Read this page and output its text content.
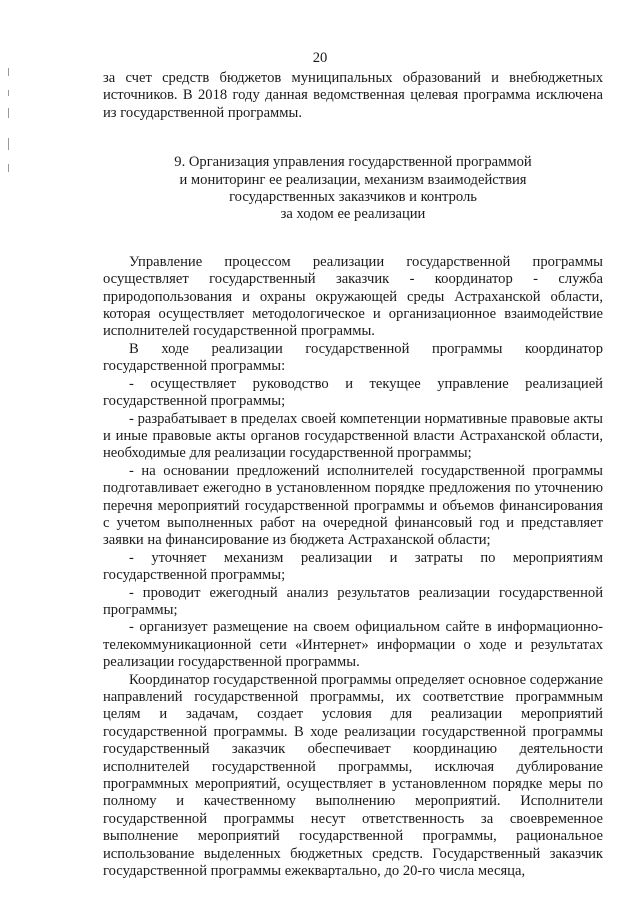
20

за счет средств бюджетов муниципальных образований и внебюджетных источников. В 2018 году данная ведомственная целевая программа исключена из государственной программы.

9. Организация управления государственной программой
и мониторинг ее реализации, механизм взаимодействия
государственных заказчиков и контроль
за ходом ее реализации

Управление процессом реализации государственной программы осуществляет государственный заказчик - координатор - служба природопользования и охраны окружающей среды Астраханской области, которая осуществляет методологическое и организационное взаимодействие исполнителей государственной программы.

В ходе реализации государственной программы координатор государственной программы:

- осуществляет руководство и текущее управление реализацией государственной программы;

- разрабатывает в пределах своей компетенции нормативные правовые акты и иные правовые акты органов государственной власти Астраханской области, необходимые для реализации государственной программы;

- на основании предложений исполнителей государственной программы подготавливает ежегодно в установленном порядке предложения по уточнению перечня мероприятий государственной программы и объемов финансирования с учетом выполненных работ на очередной финансовый год и представляет заявки на финансирование из бюджета Астраханской области;

- уточняет механизм реализации и затраты по мероприятиям государственной программы;

- проводит ежегодный анализ результатов реализации государственной программы;

- организует размещение на своем официальном сайте в информационно-телекоммуникационной сети «Интернет» информации о ходе и результатах реализации государственной программы.

Координатор государственной программы определяет основное содержание направлений государственной программы, их соответствие программным целям и задачам, создает условия для реализации мероприятий государственной программы. В ходе реализации государственной программы государственный заказчик обеспечивает координацию деятельности исполнителей государственной программы, исключая дублирование программных мероприятий, осуществляет в установленном порядке меры по полному и качественному выполнению мероприятий. Исполнители государственной программы несут ответственность за своевременное выполнение мероприятий государственной программы, рациональное использование выделенных бюджетных средств. Государственный заказчик государственной программы ежеквартально, до 20-го числа месяца,
